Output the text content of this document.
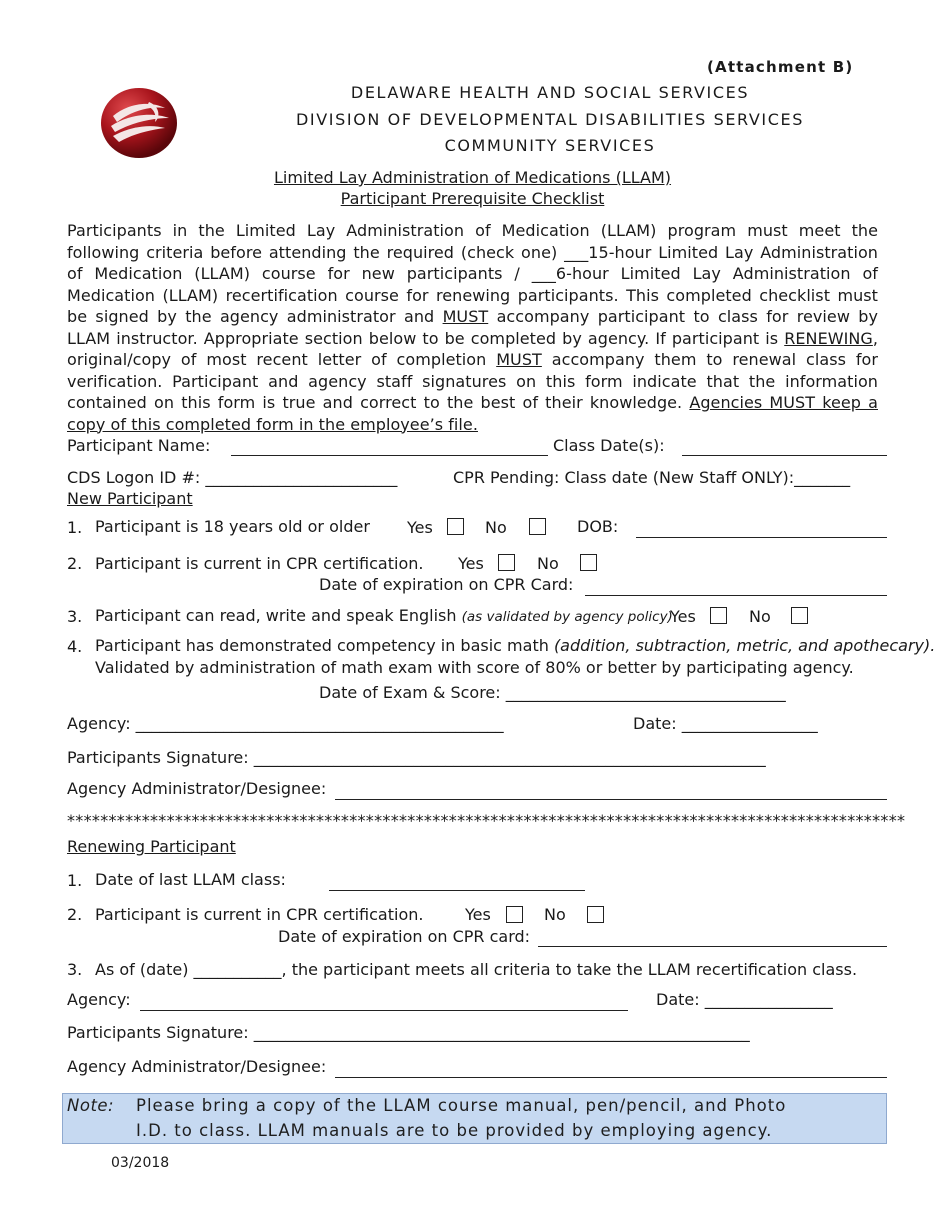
(Attachment B)
DELAWARE HEALTH AND SOCIAL SERVICES
DIVISION OF DEVELOPMENTAL DISABILITIES SERVICES
COMMUNITY SERVICES
Limited Lay Administration of Medications (LLAM)
Participant Prerequisite Checklist
Participants in the Limited Lay Administration of Medication (LLAM) program must meet the following criteria before attending the required (check one) ___15-hour Limited Lay Administration of Medication (LLAM) course for new participants / ___6-hour Limited Lay Administration of Medication (LLAM) recertification course for renewing participants. This completed checklist must be signed by the agency administrator and MUST accompany participant to class for review by LLAM instructor. Appropriate section below to be completed by agency. If participant is RENEWING, original/copy of most recent letter of completion MUST accompany them to renewal class for verification. Participant and agency staff signatures on this form indicate that the information contained on this form is true and correct to the best of their knowledge. Agencies MUST keep a copy of this completed form in the employee’s file.
Participant Name:	Class Date(s):
CDS Logon ID #: ________________________	CPR Pending: Class date (New Staff ONLY):_______
New Participant
1. Participant is 18 years old or older Yes	No	DOB:
2. Participant is current in CPR certification. Yes	No
Date of expiration on CPR Card:
3. Participant can read, write and speak English (as validated by agency policy)
Yes	No
4. Participant has demonstrated competency in basic math (addition, subtraction, metric, and apothecary).
Validated by administration of math exam with score of 80% or better by participating agency.
Date of Exam & Score: ___________________________________
Agency: ______________________________________________	Date: _________________
Participants Signature: ________________________________________________________________
Agency Administrator/Designee:
*****************************************************************************************************
Renewing Participant
1. Date of last LLAM class:
2. Participant is current in CPR certification.	Yes	No
Date of expiration on CPR card:
3. As of (date) ___________, the participant meets all criteria to take the LLAM recertification class.
Agency:	Date: ________________
Participants Signature: ______________________________________________________________
Agency Administrator/Designee:
Note: Please bring a copy of the LLAM course manual, pen/pencil, and Photo
I.D. to class. LLAM manuals are to be provided by employing agency.
03/2018
